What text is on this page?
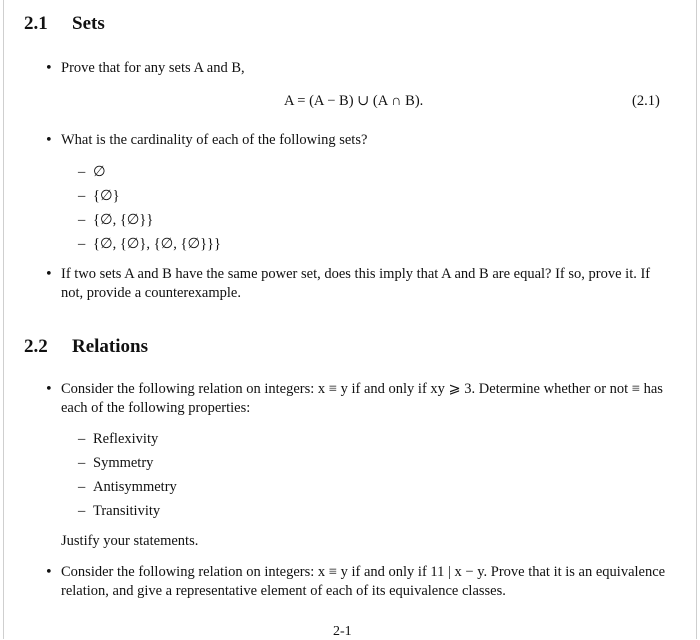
2.1 Sets
• Prove that for any sets A and B,
A = (A − B) ∪ (A ∩ B).	(2.1)
• What is the cardinality of each of the following sets?
– ∅
– {∅}
– {∅, {∅}}
– {∅, {∅}, {∅, {∅}}}
• If two sets A and B have the same power set, does this imply that A and B are equal? If so, prove it. If not, provide a counterexample.
2.2 Relations
• Consider the following relation on integers: x ≡ y if and only if xy ⩾ 3. Determine whether or not ≡ has each of the following properties:
– Reflexivity
– Symmetry
– Antisymmetry
– Transitivity
Justify your statements.
• Consider the following relation on integers: x ≡ y if and only if 11 | x − y. Prove that it is an equivalence relation, and give a representative element of each of its equivalence classes.
2-1
